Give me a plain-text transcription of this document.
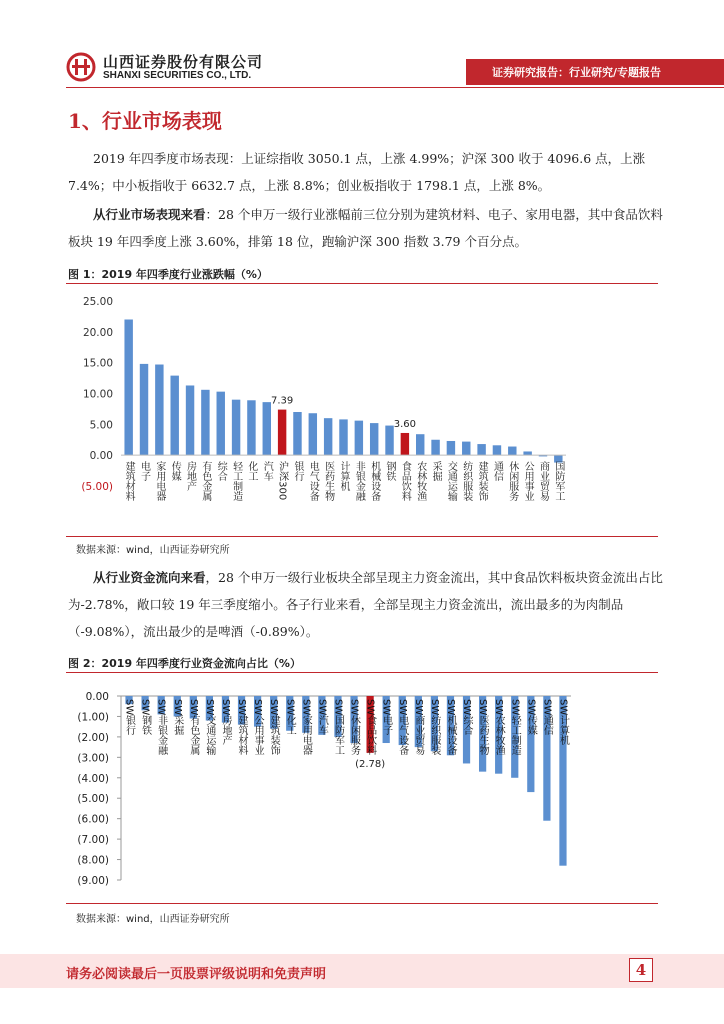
山西证券股份有限公司
SHANXI SECURITIES CO., LTD.	证券研究报告：行业研究/专题报告
1、行业市场表现
2019 年四季度市场表现：上证综指收 3050.1 点，上涨 4.99%；沪深 300 收于 4096.6 点，上涨 7.4%；中小板指收于 6632.7 点，上涨 8.8%；创业板指收于 1798.1 点，上涨 8%。
从行业市场表现来看：28 个申万一级行业涨幅前三位分别为建筑材料、电子、家用电器，其中食品饮料板块 19 年四季度上涨 3.60%，排第 18 位，跑输沪深 300 指数 3.79 个百分点。
图 1：2019 年四季度行业涨跌幅（%）
25.00
20.00
15.00
10.00
5.00
0.00
(5.00) 建筑材料 电子 家用电器 传媒 房地产 有色金属 综合 轻工制造 化工 汽车 沪深300
7.39
银行 电气设备 医药生物 计算机 非银金融 机械设备 钢铁 食品饮料
3.60
农林牧渔 采掘 交通运输 纺织服装 建筑装饰 通信 休闲服务 公用事业 商业贸易 国防军工
数据来源：wind，山西证券研究所
从行业资金流向来看，28 个申万一级行业板块全部呈现主力资金流出，其中食品饮料板块资金流出占比为-2.78%，敞口较 19 年三季度缩小。各子行业来看，全部呈现主力资金流出，流出最多的为肉制品（-9.08%），流出最少的是啤酒（-0.89%）。
图 2：2019 年四季度行业资金流向占比（%）
0.00
(1.00)
(2.00)
(3.00)
(4.00)
(5.00)
(6.00)
(7.00)
(8.00)
(9.00)
SW银行 SW钢铁 SW非银金融 SW采掘 SW有色金属 SW交通运输 SW房地产 SW建筑材料 SW公用事业 SW建筑装饰 SW化工 SW家用电器 SW汽车 SW国防军工 SW休闲服务 SW食品饮料
(2.78)
SW电子 SW电气设备 SW商业贸易 SW纺织服装 SW机械设备 SW综合 SW医药生物 SW农林牧渔 SW轻工制造 SW传媒 SW通信 SW计算机
数据来源：wind，山西证券研究所
请务必阅读最后一页股票评级说明和免责声明	4
